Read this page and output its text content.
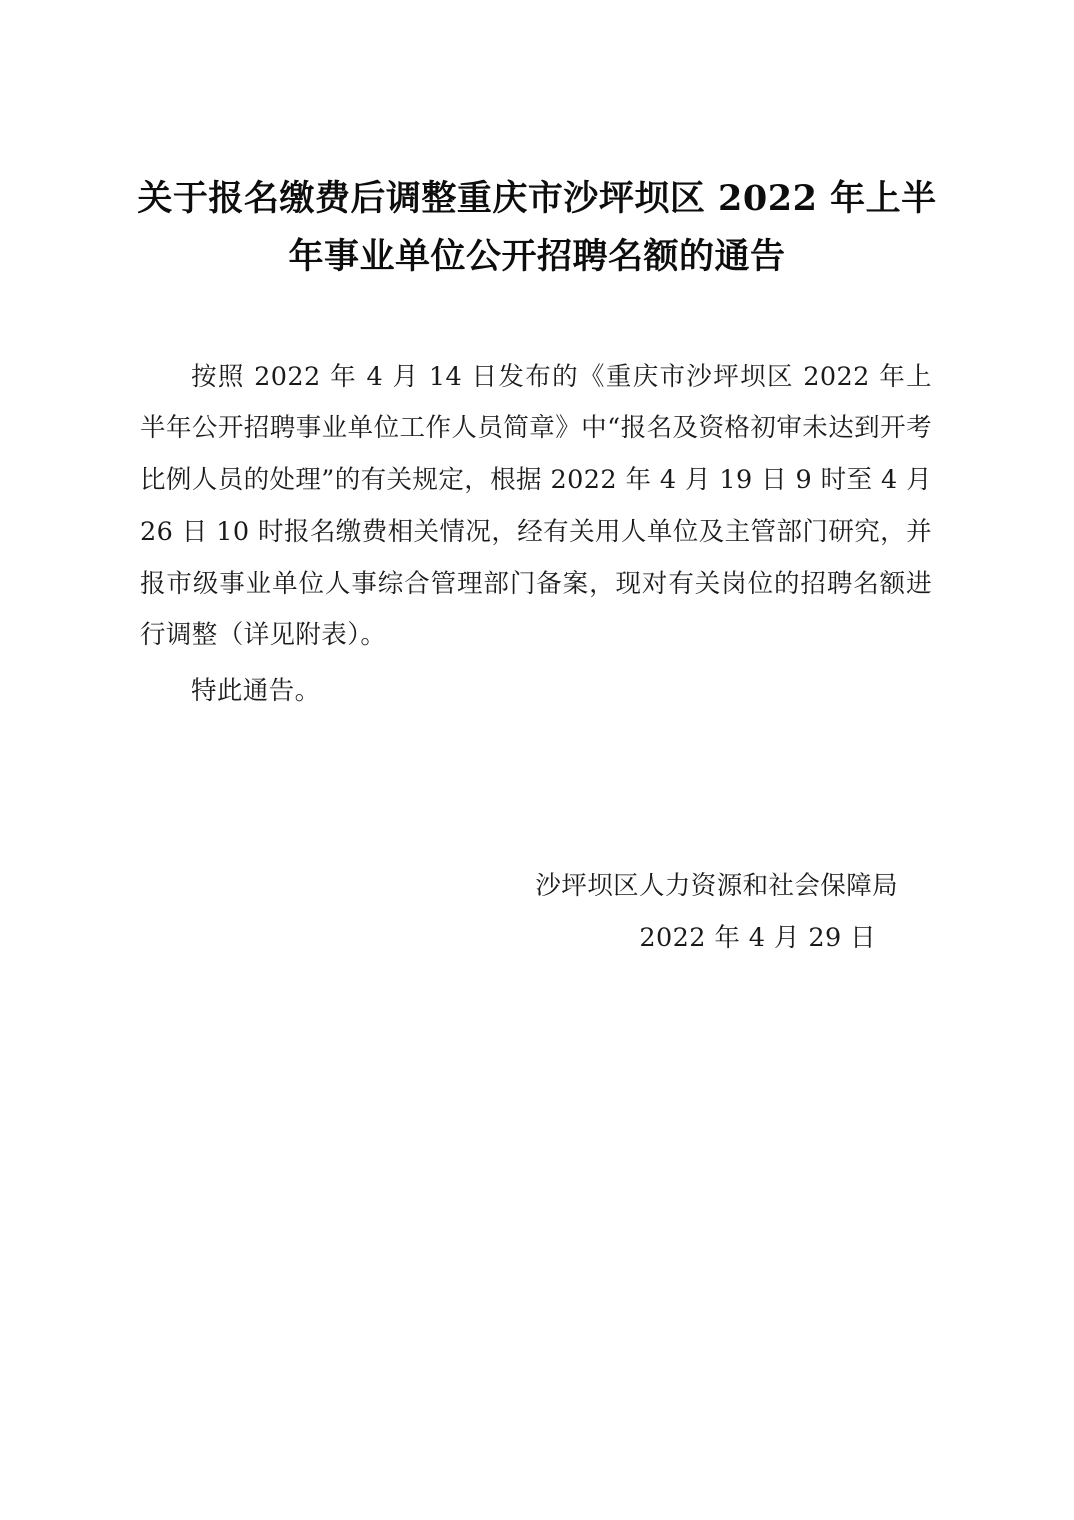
关于报名缴费后调整重庆市沙坪坝区 2022 年上半年事业单位公开招聘名额的通告

按照 2022 年 4 月 14 日发布的《重庆市沙坪坝区 2022 年上半年公开招聘事业单位工作人员简章》中“报名及资格初审未达到开考比例人员的处理”的有关规定，根据 2022 年 4 月 19 日 9 时至 4 月 26 日 10 时报名缴费相关情况，经有关用人单位及主管部门研究，并报市级事业单位人事综合管理部门备案，现对有关岗位的招聘名额进行调整（详见附表）。

特此通告。

沙坪坝区人力资源和社会保障局
2022 年 4 月 29 日
